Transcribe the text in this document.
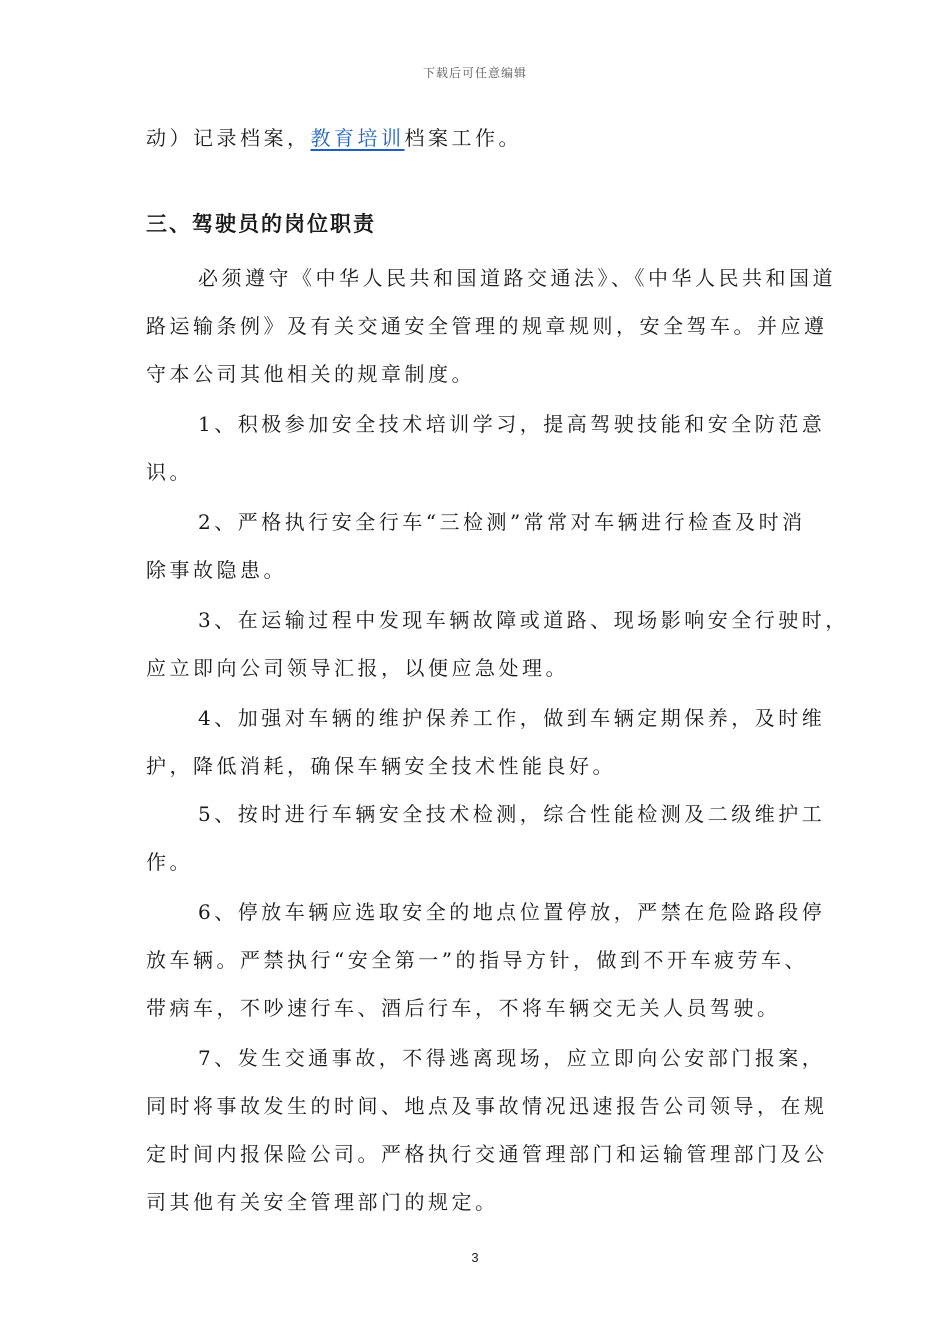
下载后可任意编辑
动）记录档案，教育培训档案工作。
三、驾驶员的岗位职责
必须遵守《中华人民共和国道路交通法》、《中华人民共和国道
路运输条例》及有关交通安全管理的规章规则，安全驾车。并应遵
守本公司其他相关的规章制度。
1、积极参加安全技术培训学习，提高驾驶技能和安全防范意
识。
2、严格执行安全行车“三检测”常常对车辆进行检查及时消
除事故隐患。
3、在运输过程中发现车辆故障或道路、现场影响安全行驶时，
应立即向公司领导汇报，以便应急处理。
4、加强对车辆的维护保养工作，做到车辆定期保养，及时维
护，降低消耗，确保车辆安全技术性能良好。
5、按时进行车辆安全技术检测，综合性能检测及二级维护工
作。
6、停放车辆应选取安全的地点位置停放，严禁在危险路段停
放车辆。严禁执行“安全第一”的指导方针，做到不开车疲劳车、
带病车，不吵速行车、酒后行车，不将车辆交无关人员驾驶。
7、发生交通事故，不得逃离现场，应立即向公安部门报案，
同时将事故发生的时间、地点及事故情况迅速报告公司领导，在规
定时间内报保险公司。严格执行交通管理部门和运输管理部门及公
司其他有关安全管理部门的规定。
3
